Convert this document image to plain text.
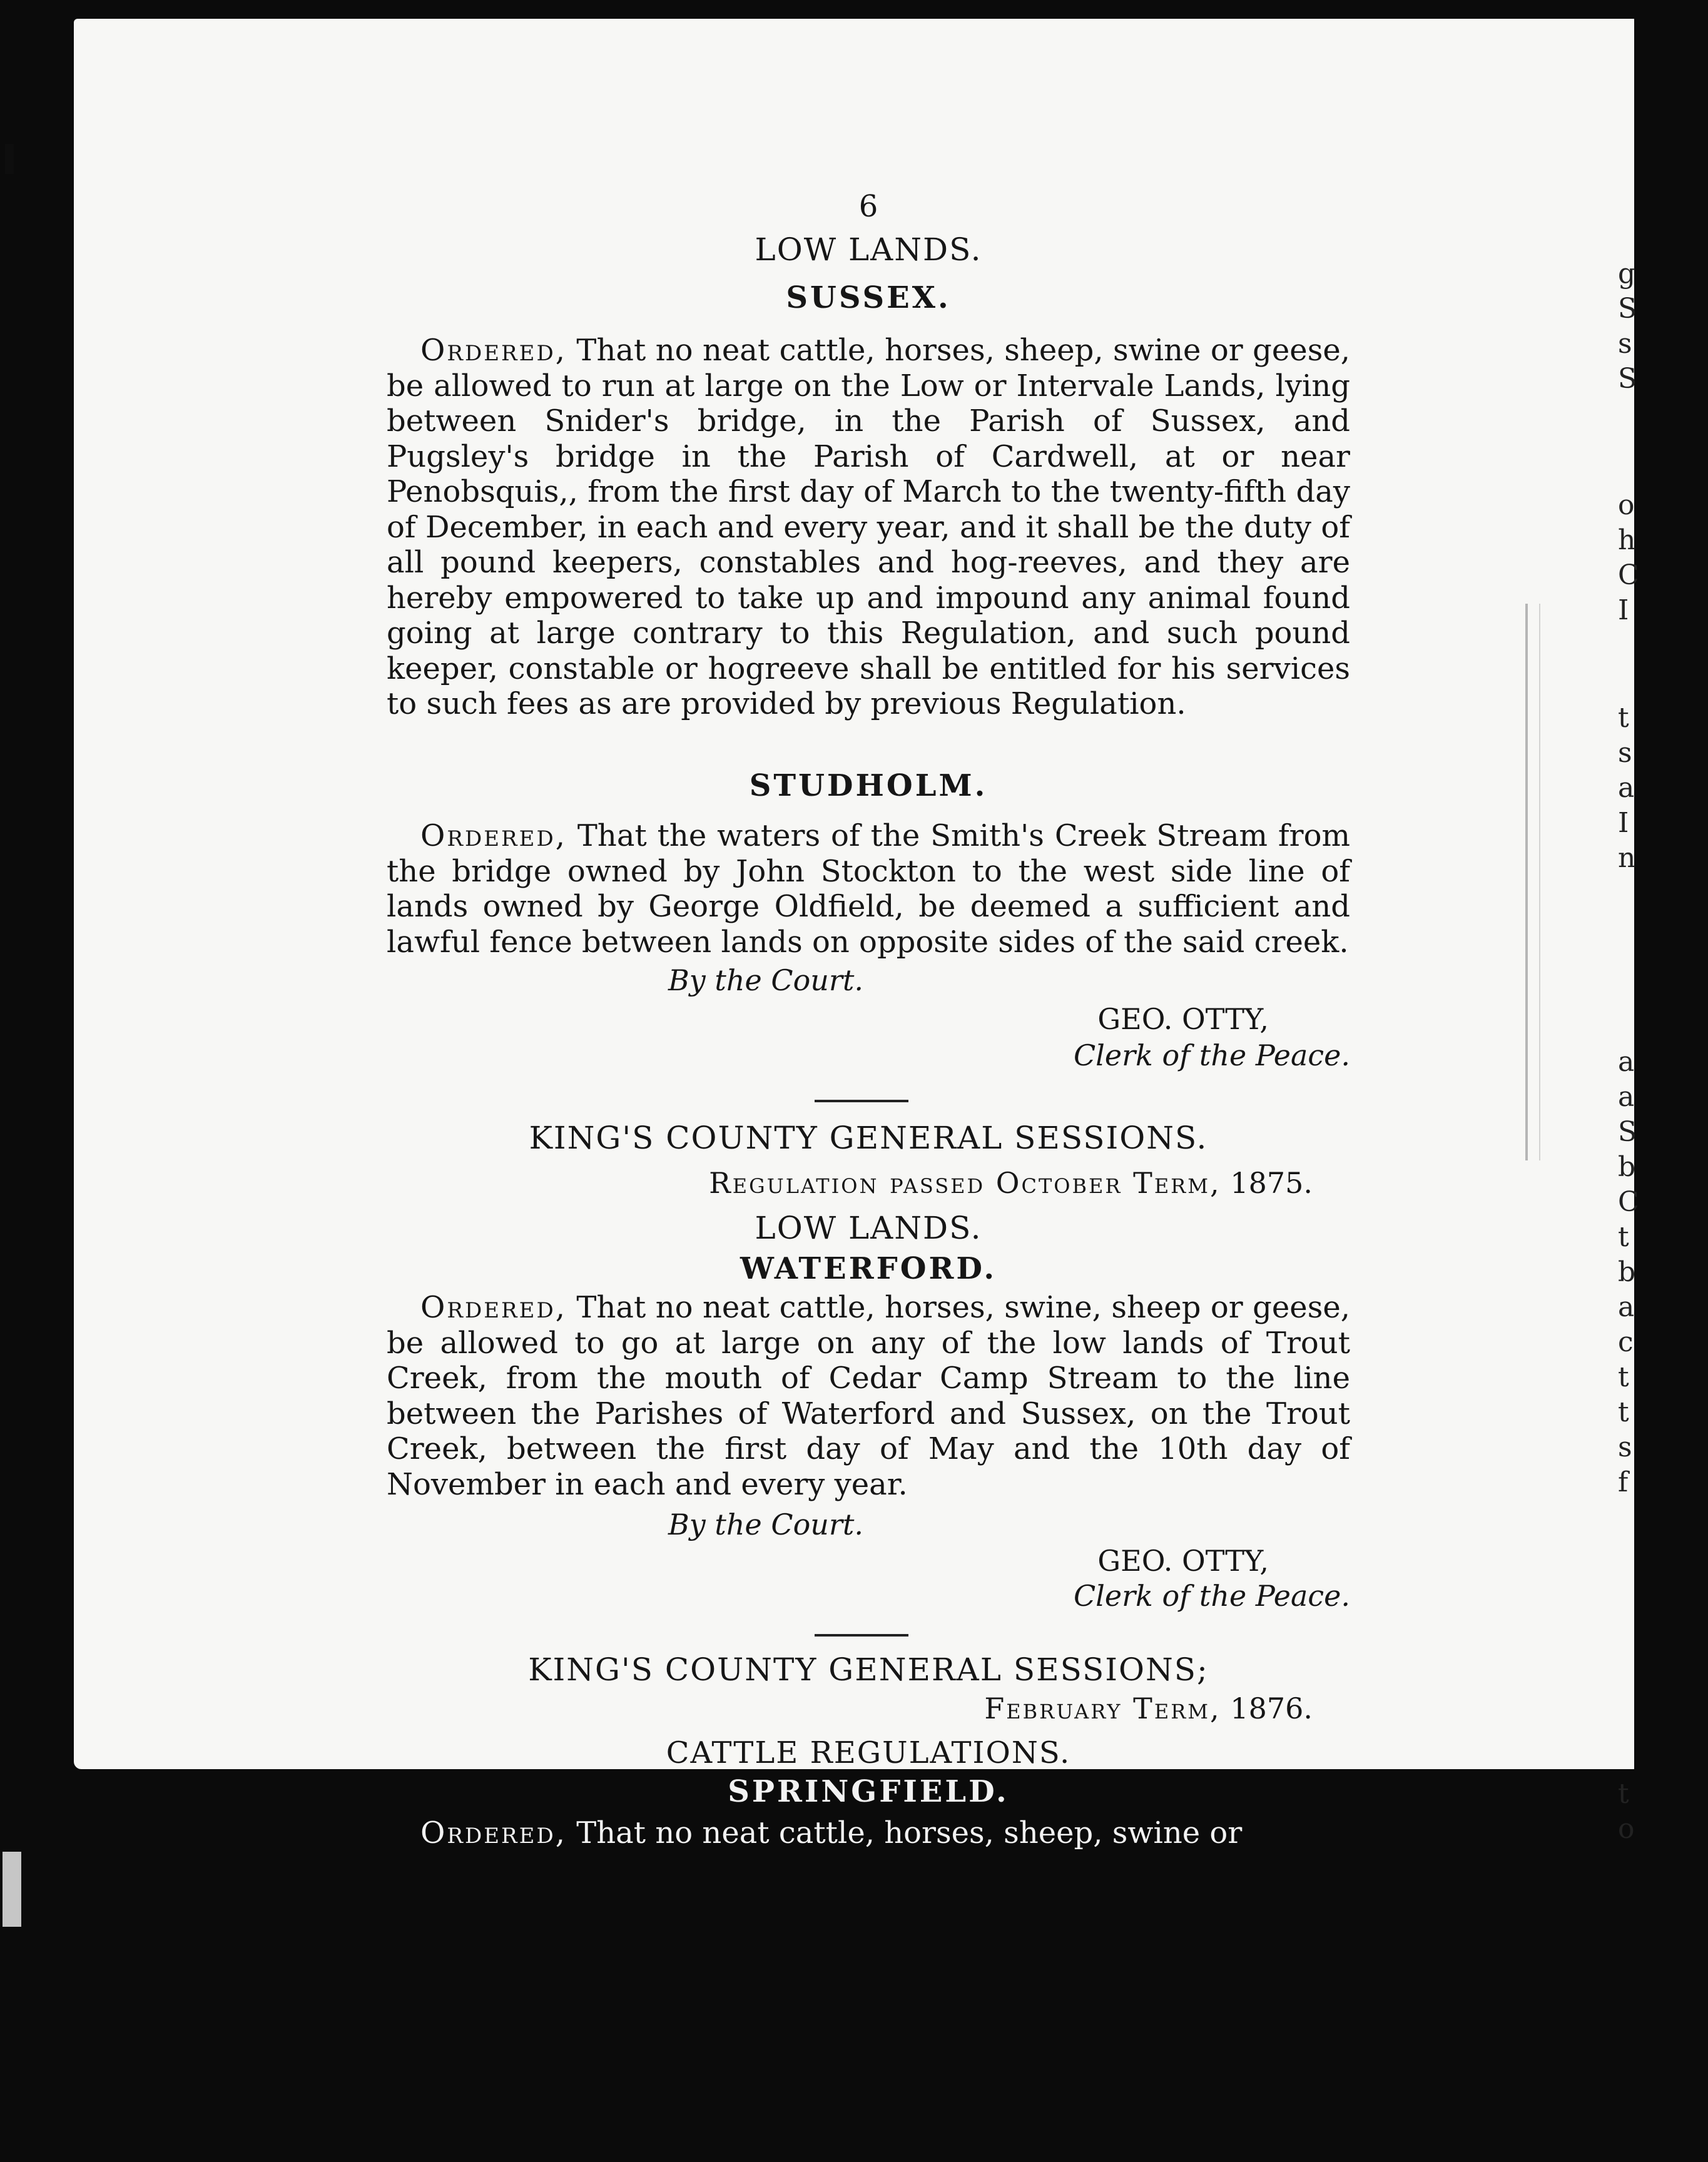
6
LOW LANDS.
SUSSEX.
Ordered, That no neat cattle, horses, sheep, swine or geese, be allowed to run at large on the Low or Intervale Lands, lying between Snider's bridge, in the Parish of Sussex, and Pugsley's bridge in the Parish of Cardwell, at or near Penobsquis,, from the first day of March to the twenty-fifth day of December, in each and every year, and it shall be the duty of all pound keepers, constables and hog-reeves, and they are hereby empowered to take up and impound any animal found going at large contrary to this Regulation, and such pound keeper, constable or hogreeve shall be entitled for his services to such fees as are provided by previous Regulation.
STUDHOLM.
Ordered, That the waters of the Smith's Creek Stream from the bridge owned by John Stockton to the west side line of lands owned by George Oldfield, be deemed a sufficient and lawful fence between lands on opposite sides of the said creek.
By the Court.
GEO. OTTY,
Clerk of the Peace.
KING'S COUNTY GENERAL SESSIONS.
Regulation passed October Term, 1875.
LOW LANDS.
WATERFORD.
Ordered, That no neat cattle, horses, swine, sheep or geese, be allowed to go at large on any of the low lands of Trout Creek, from the mouth of Cedar Camp Stream to the line between the Parishes of Waterford and Sussex, on the Trout Creek, between the first day of May and the 10th day of November in each and every year.
By the Court.
GEO. OTTY,
Clerk of the Peace.
KING'S COUNTY GENERAL SESSIONS;
February Term, 1876.
CATTLE REGULATIONS.
g
S
s
S
o
h
C
I
t
s
a
I
n
a
a
S
b
C
t
b
a
c
t
t
s
f
t
o
SPRINGFIELD.
Ordered, That no neat cattle, horses, sheep, swine or
